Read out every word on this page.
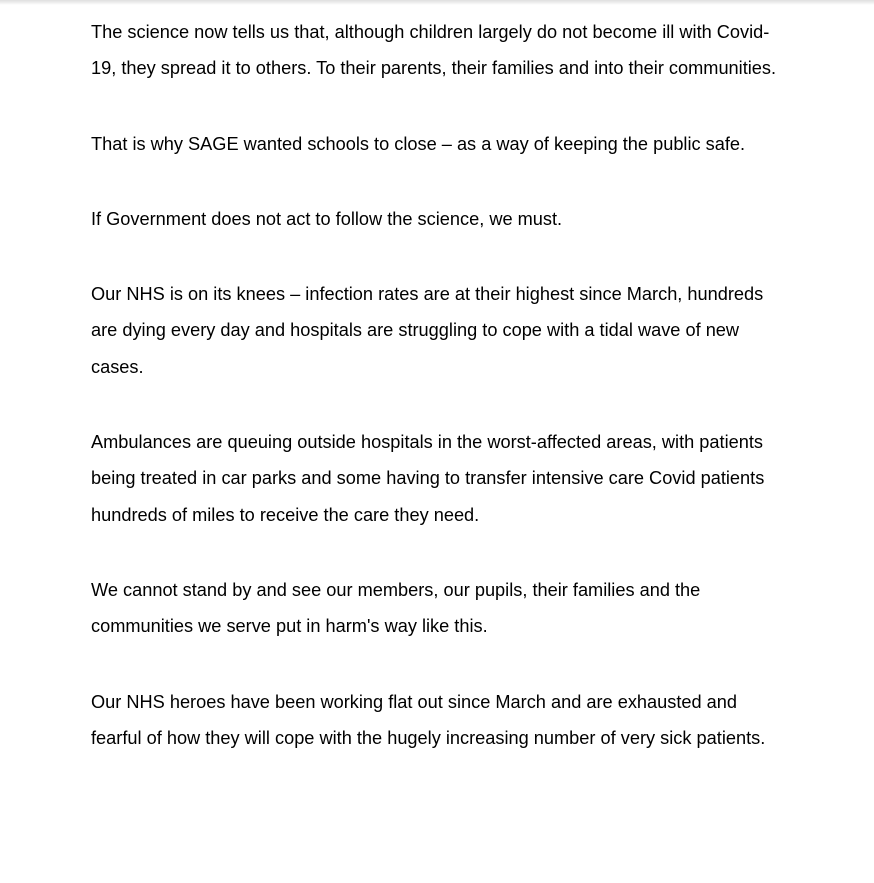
The science now tells us that, although children largely do not become ill with Covid-19, they spread it to others. To their parents, their families and into their communities.

That is why SAGE wanted schools to close – as a way of keeping the public safe.

If Government does not act to follow the science, we must.

Our NHS is on its knees – infection rates are at their highest since March, hundreds are dying every day and hospitals are struggling to cope with a tidal wave of new cases.

Ambulances are queuing outside hospitals in the worst-affected areas, with patients being treated in car parks and some having to transfer intensive care Covid patients hundreds of miles to receive the care they need.

We cannot stand by and see our members, our pupils, their families and the communities we serve put in harm's way like this.

Our NHS heroes have been working flat out since March and are exhausted and fearful of how they will cope with the hugely increasing number of very sick patients.
